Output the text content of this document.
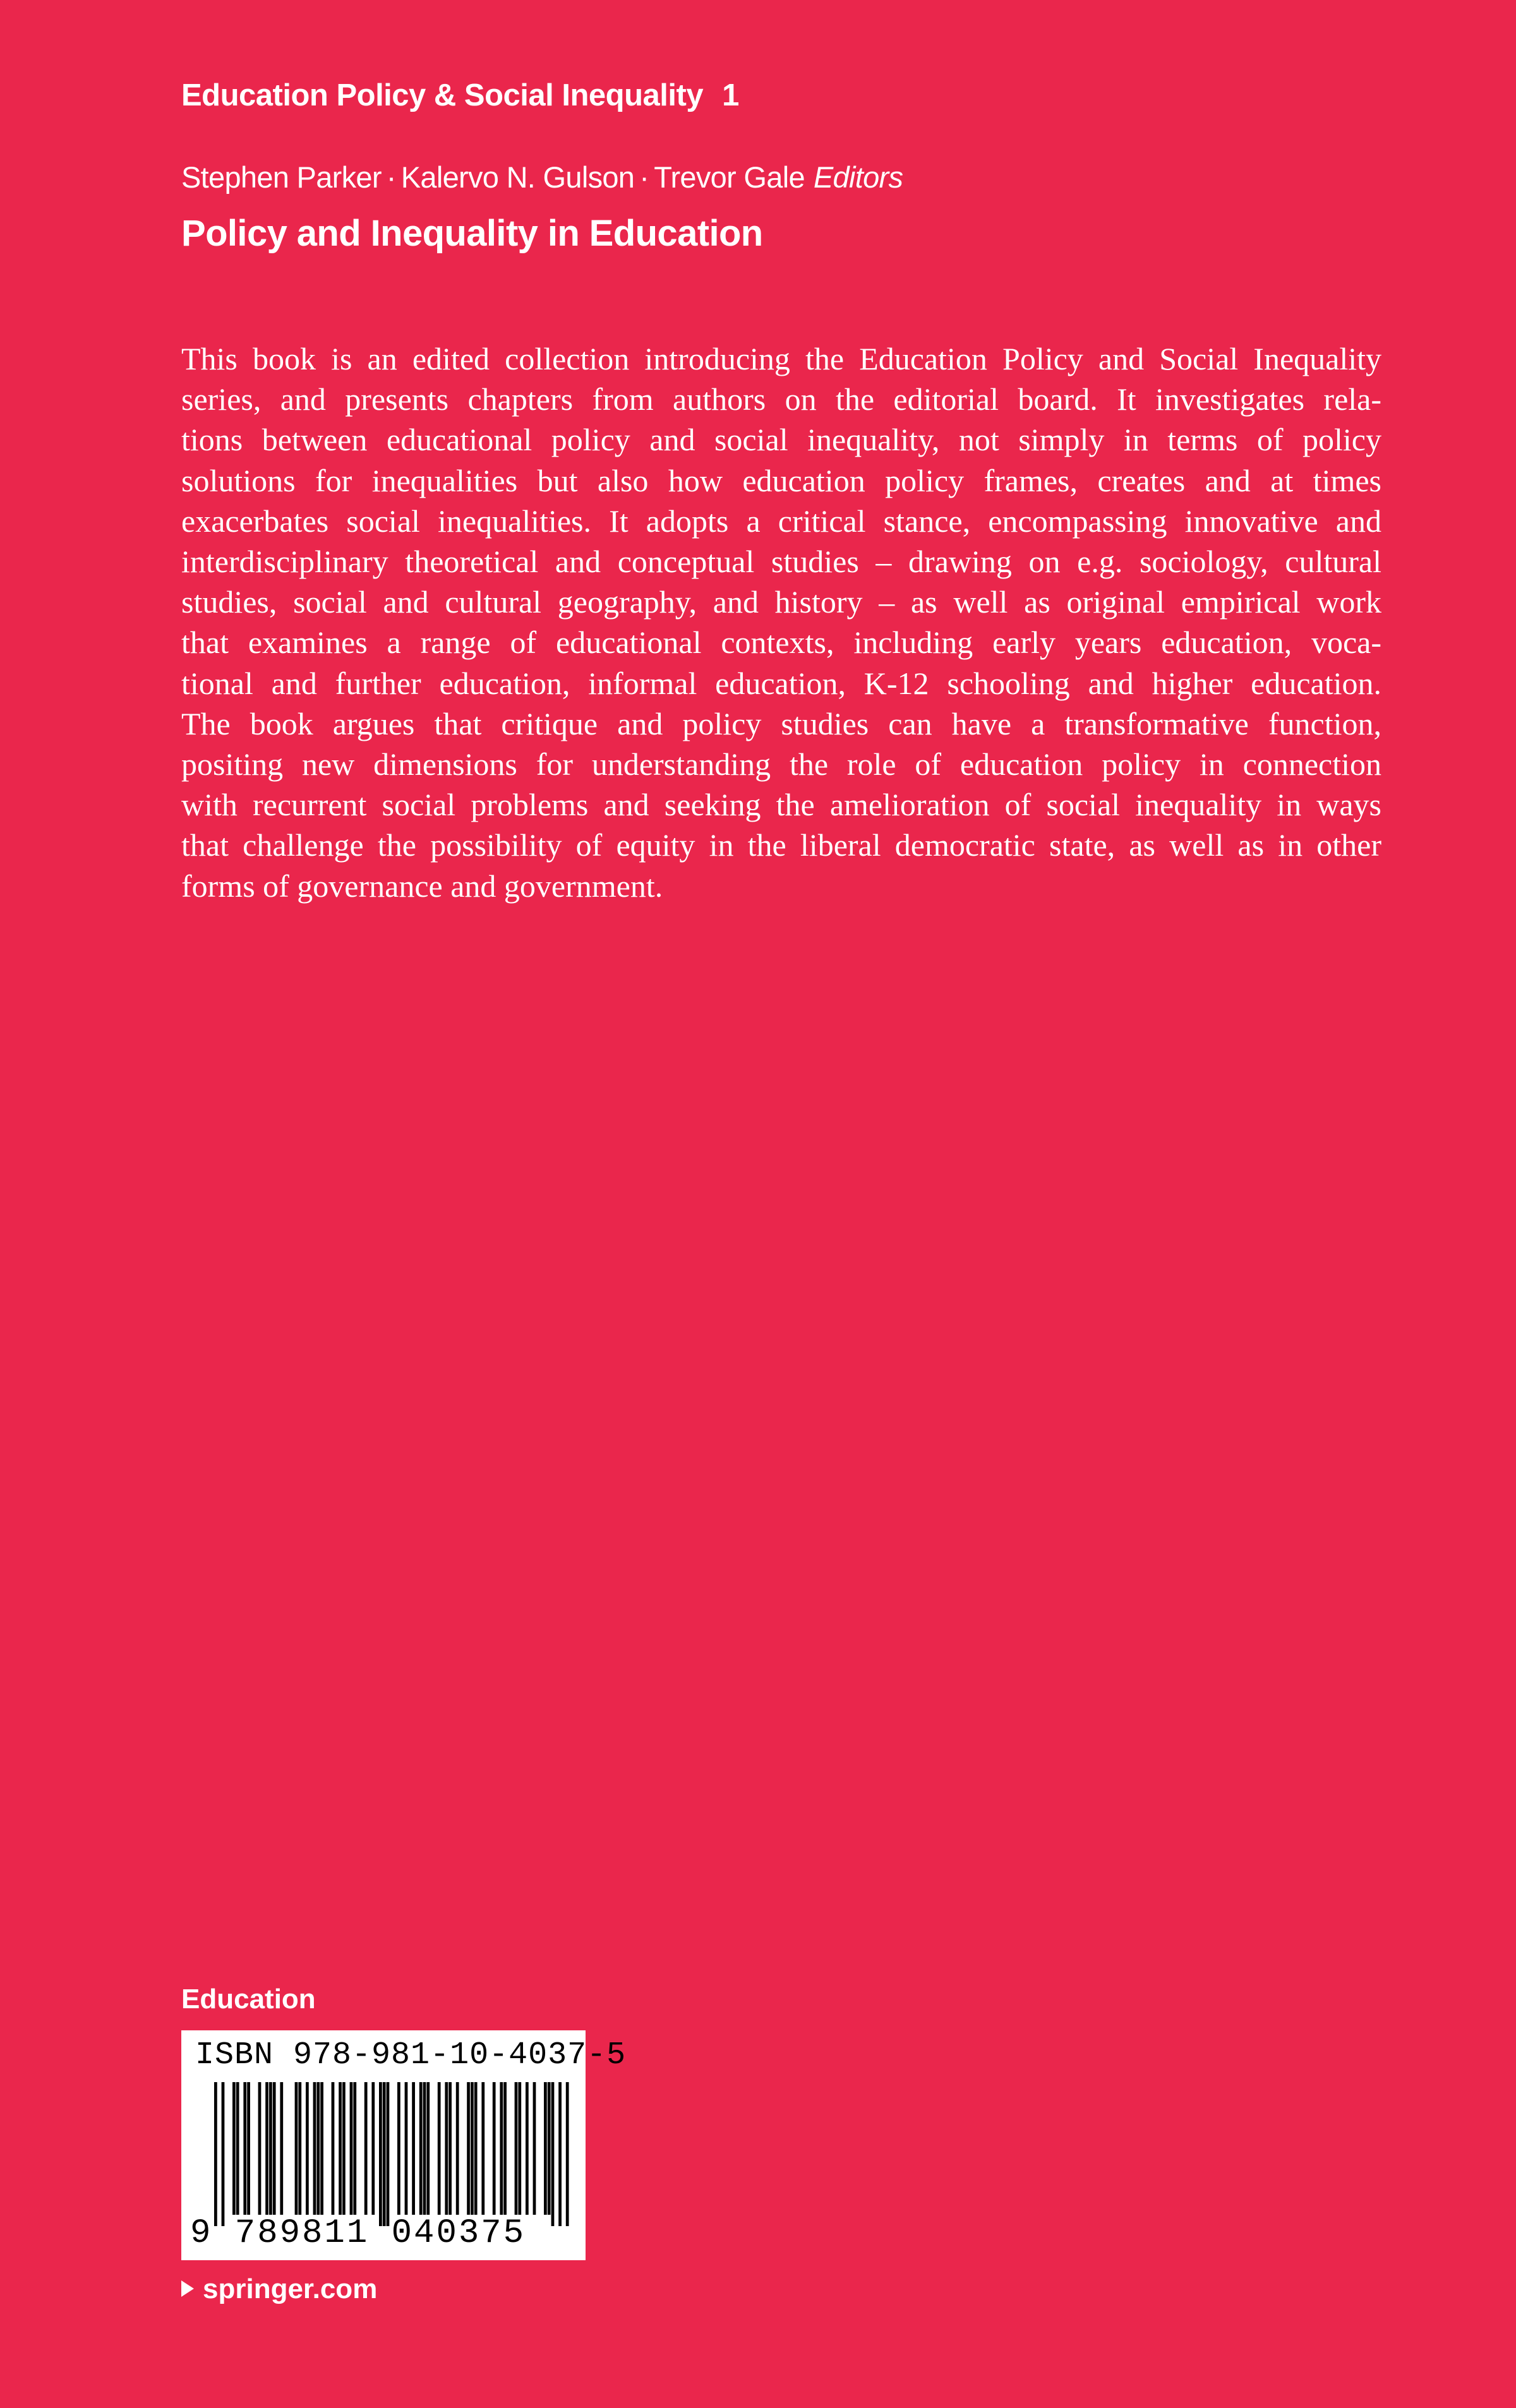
Education Policy & Social Inequality 1
Stephen Parker · Kalervo N. Gulson · Trevor Gale Editors
Policy and Inequality in Education
This book is an edited collection introducing the Education Policy and Social Inequality
series, and presents chapters from authors on the editorial board. It investigates rela-
tions between educational policy and social inequality, not simply in terms of policy
solutions for inequalities but also how education policy frames, creates and at times
exacerbates social inequalities. It adopts a critical stance, encompassing innovative and
interdisciplinary theoretical and conceptual studies – drawing on e.g. sociology, cultural
studies, social and cultural geography, and history – as well as original empirical work
that examines a range of educational contexts, including early years education, voca-
tional and further education, informal education, K-12 schooling and higher education.
The book argues that critique and policy studies can have a transformative function,
positing new dimensions for understanding the role of education policy in connection
with recurrent social problems and seeking the amelioration of social inequality in ways
that challenge the possibility of equity in the liberal democratic state, as well as in other
forms of governance and government.
Education
ISBN 978-981-10-4037-5
9 789811 040375
springer.com
